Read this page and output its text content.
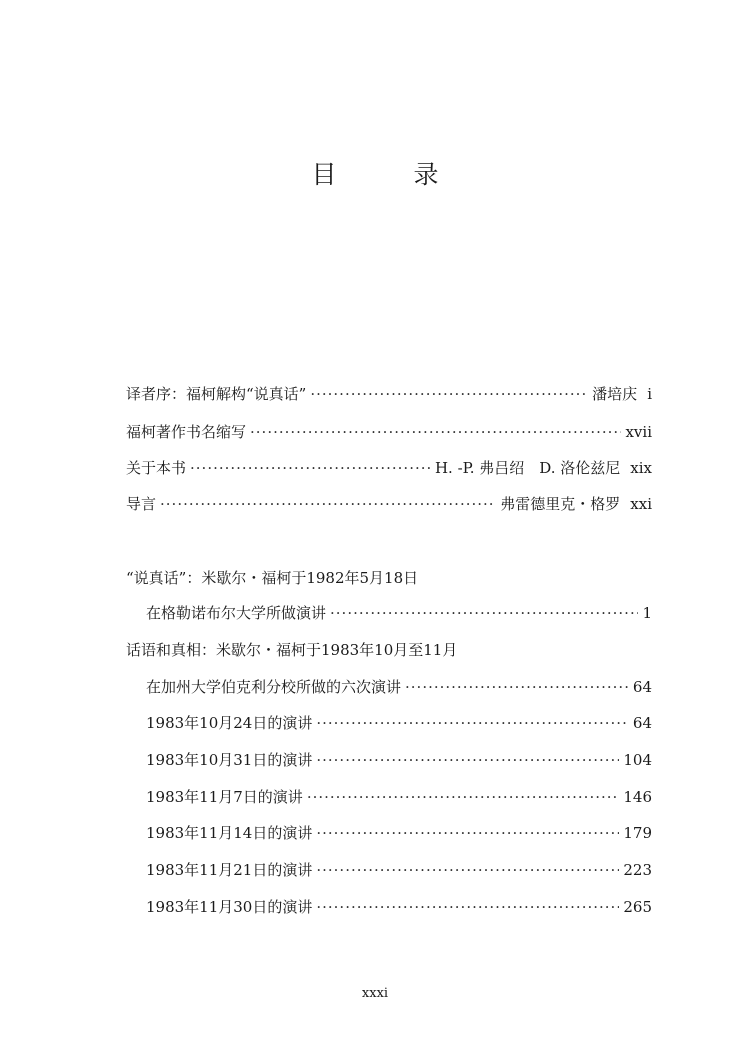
目　录
译者序：福柯解构“说真话” ·····	潘培庆 i
福柯著作书名缩写 ·····	xvii
关于本书 ·····	H. -P. 弗吕绍　D. 洛伦兹尼 xix
导言 ·····	弗雷德里克・格罗 xxi
“说真话”：米歇尔・福柯于1982年5月18日
在格勒诺布尔大学所做演讲 ·····	1
话语和真相：米歇尔・福柯于1983年10月至11月
在加州大学伯克利分校所做的六次演讲 ·····	64
1983年10月24日的演讲 ·····	64
1983年10月31日的演讲 ·····	104
1983年11月7日的演讲 ·····	146
1983年11月14日的演讲 ·····	179
1983年11月21日的演讲 ·····	223
1983年11月30日的演讲 ·····	265
xxxi
